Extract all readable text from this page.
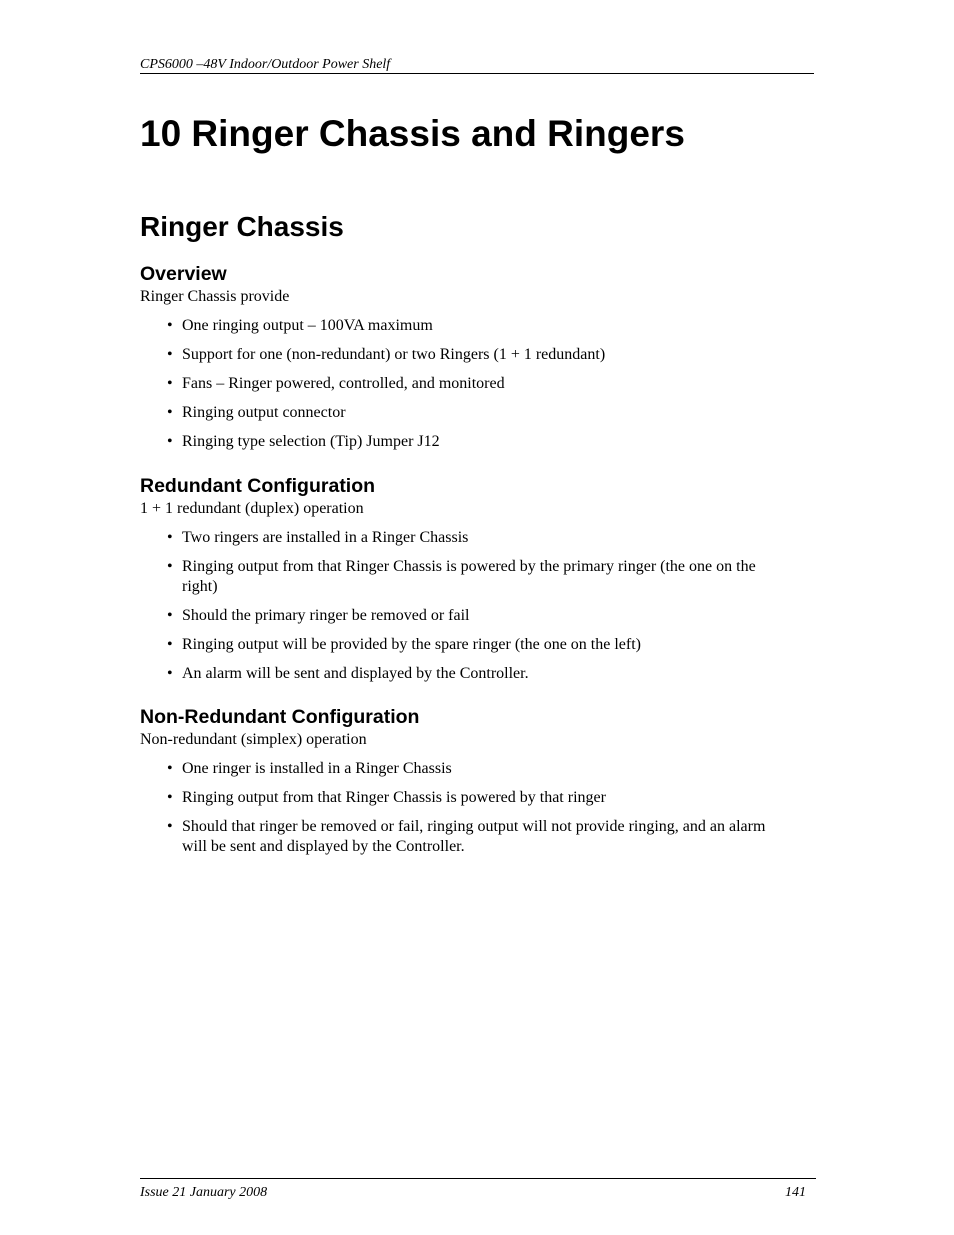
CPS6000 –48V Indoor/Outdoor Power Shelf
10 Ringer Chassis and Ringers
Ringer Chassis
Overview

Ringer Chassis provide

• One ringing output – 100VA maximum
• Support for one (non-redundant) or two Ringers (1 + 1 redundant)
• Fans – Ringer powered, controlled, and monitored
• Ringing output connector
• Ringing type selection (Tip) Jumper J12
Redundant Configuration

1 + 1 redundant (duplex) operation

• Two ringers are installed in a Ringer Chassis
• Ringing output from that Ringer Chassis is powered by the primary ringer (the one on the right)
• Should the primary ringer be removed or fail
• Ringing output will be provided by the spare ringer (the one on the left)
• An alarm will be sent and displayed by the Controller.
Non-Redundant Configuration

Non-redundant (simplex) operation

• One ringer is installed in a Ringer Chassis
• Ringing output from that Ringer Chassis is powered by that ringer
• Should that ringer be removed or fail, ringing output will not provide ringing, and an alarm will be sent and displayed by the Controller.
Issue 21 January 2008	141
